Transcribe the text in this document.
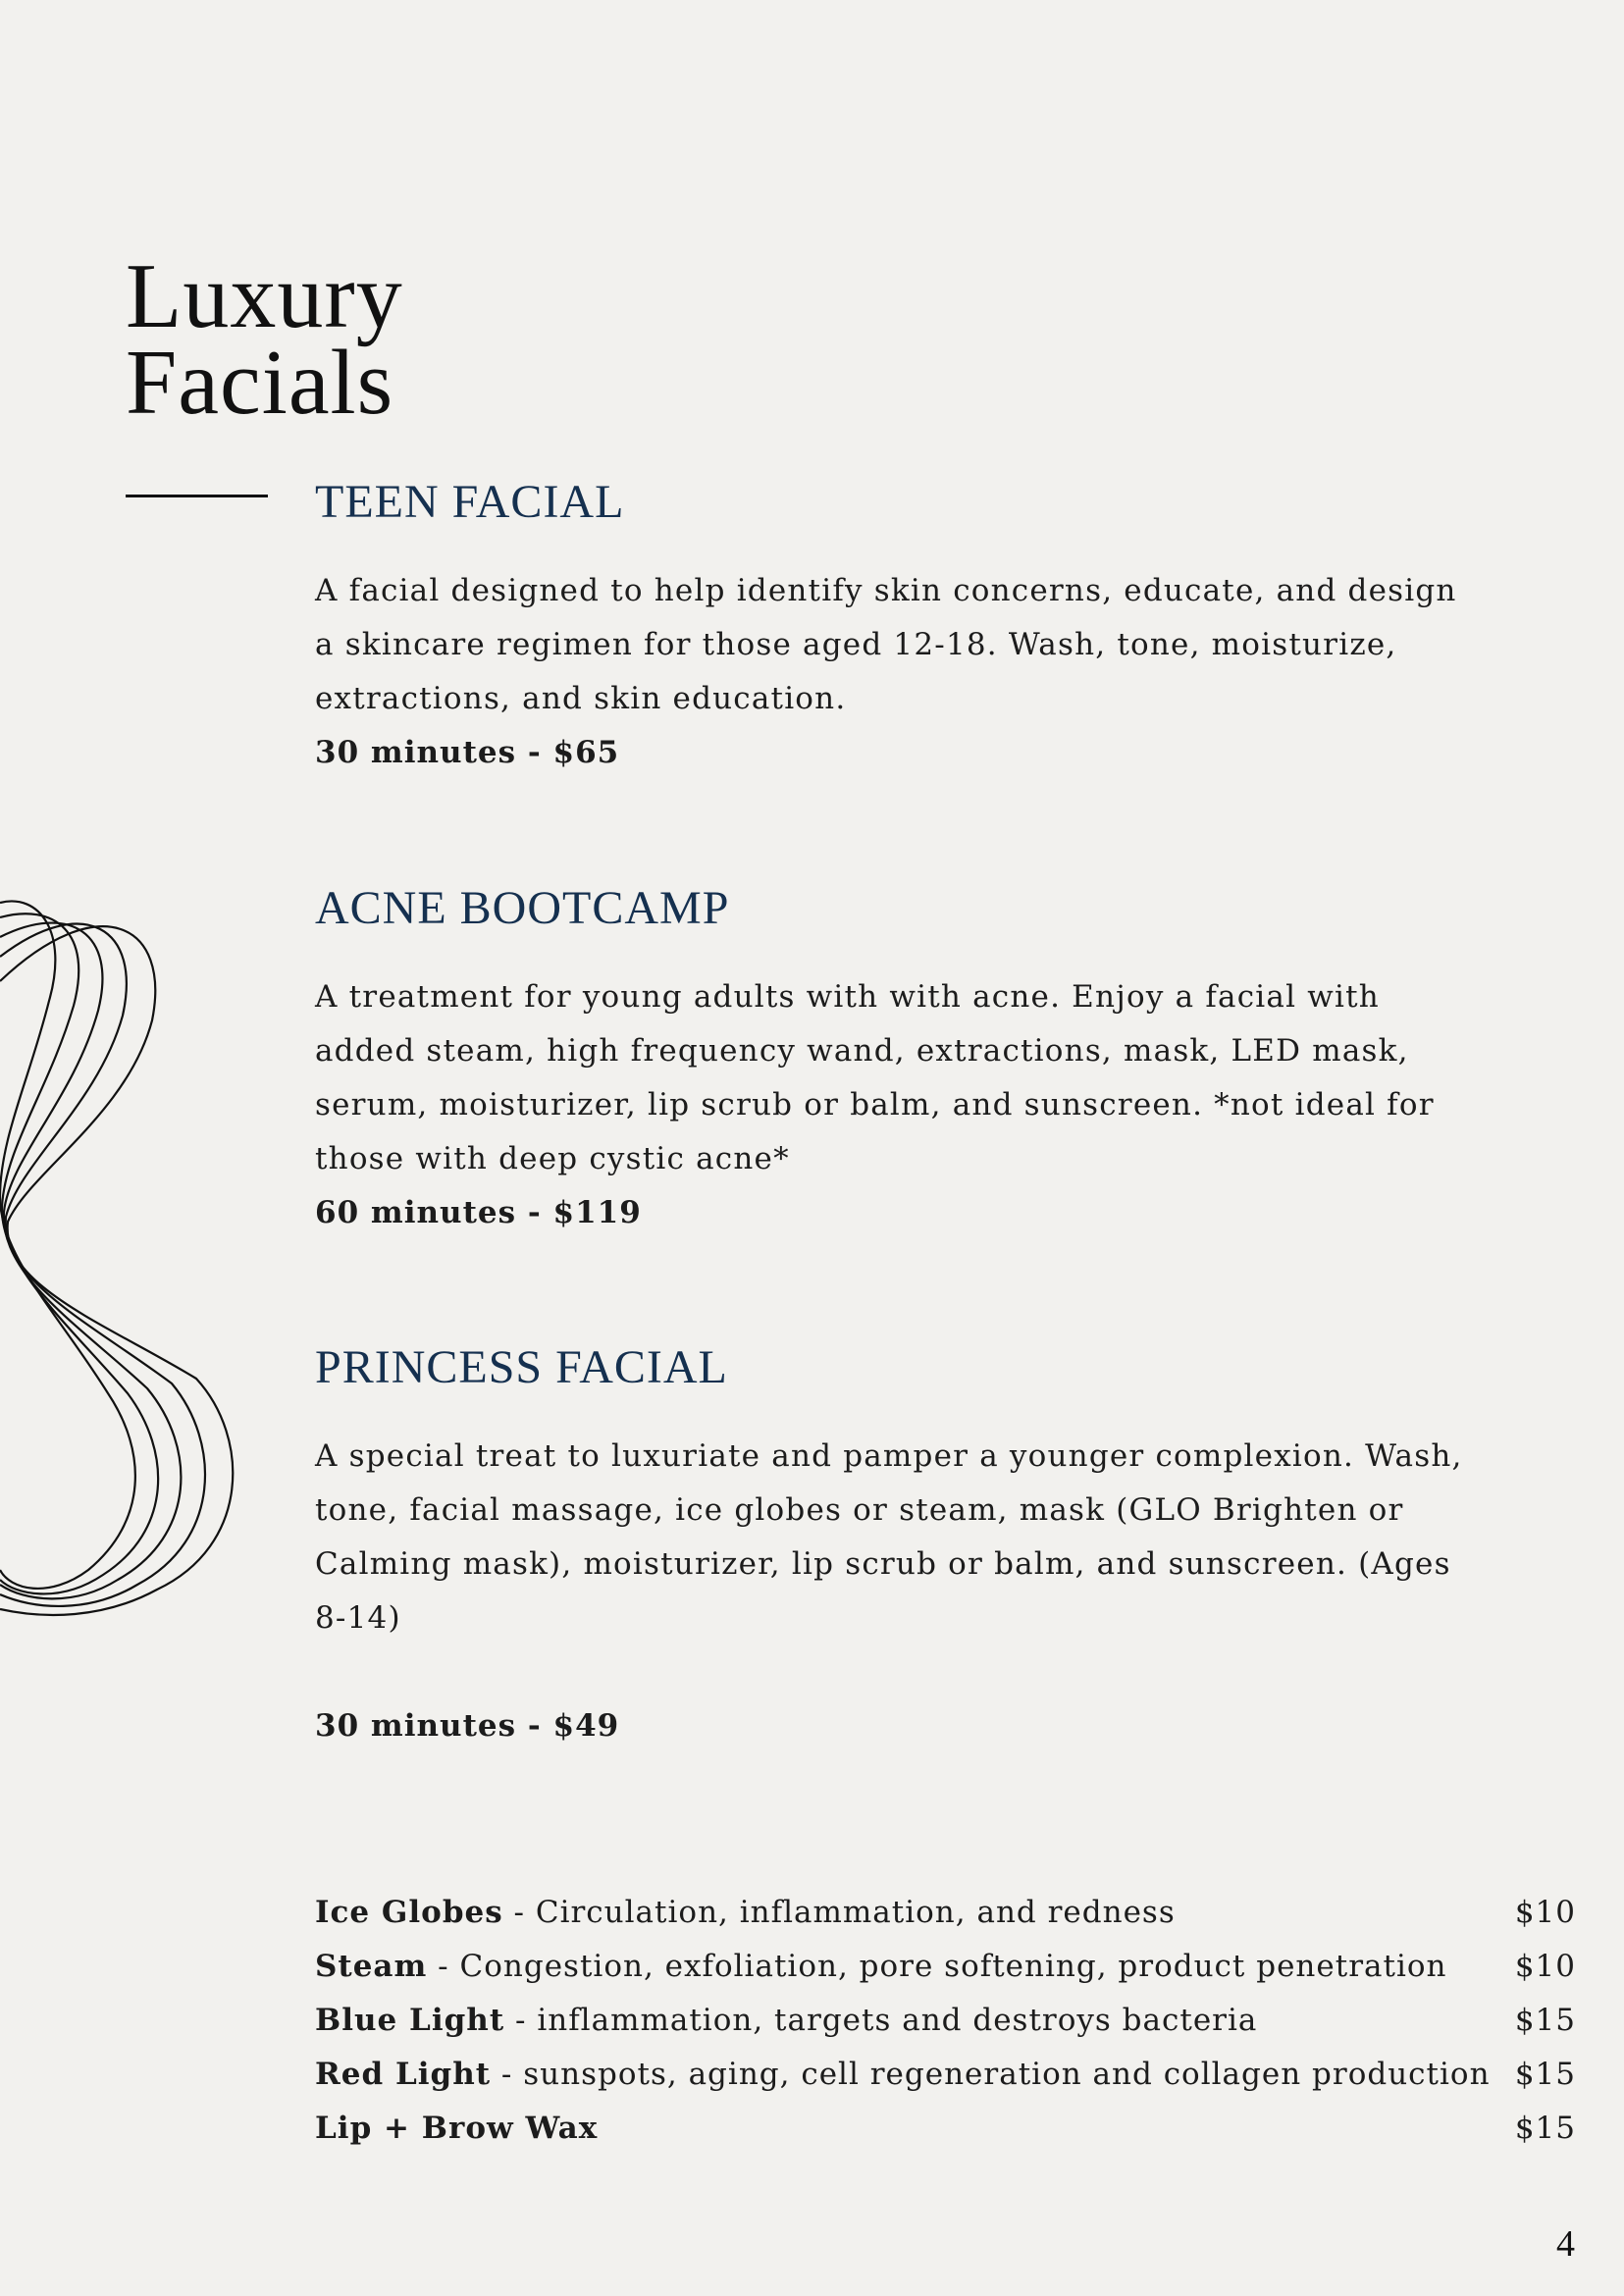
Luxury
Facials
TEEN FACIAL

A facial designed to help identify skin concerns, educate, and design a skincare regimen for those aged 12-18. Wash, tone, moisturize, extractions, and skin education.

30 minutes - $65

ACNE BOOTCAMP

A treatment for young adults with with acne. Enjoy a facial with added steam, high frequency wand, extractions, mask, LED mask, serum, moisturizer, lip scrub or balm, and sunscreen. *not ideal for those with deep cystic acne*

60 minutes - $119

PRINCESS FACIAL

A special treat to luxuriate and pamper a younger complexion. Wash, tone, facial massage, ice globes or steam, mask (GLO Brighten or Calming mask), moisturizer, lip scrub or balm, and sunscreen. (Ages 8-14)

30 minutes - $49

Ice Globes - Circulation, inflammation, and redness	$10
Steam - Congestion, exfoliation, pore softening, product penetration $10
Blue Light - inflammation, targets and destroys bacteria	$15
Red Light - sunspots, aging, cell regeneration and collagen production $15
Lip + Brow Wax	$15
4
